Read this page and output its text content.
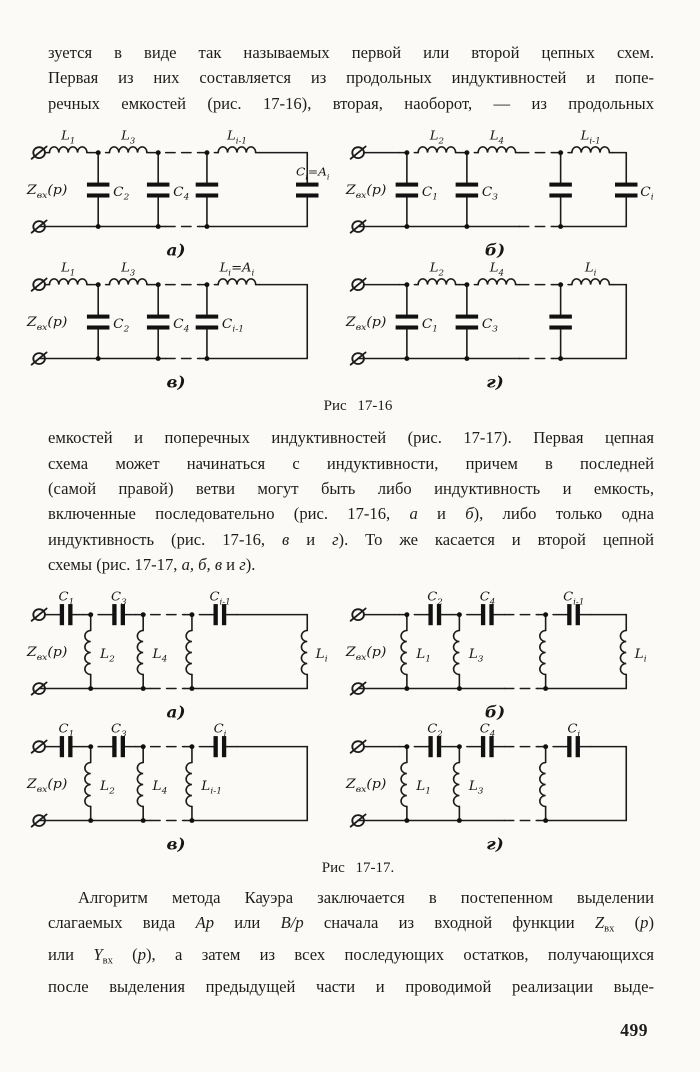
зуется в виде так называемых первой или второй цепных схем.
Первая из них составляется из продольных индуктивностей и попе-
речных емкостей (рис. 17-16), вторая, наоборот, — из продольных
$L_1$
$C_2$
$L_3$
$C_4$
$L_{i-1}$
$C_i=A_i$
$Z_{вх}(p)$
а)
$C_1$
$L_2$
$C_3$
$L_4$	$L_{i-1}$
$C_i$
$Z_{вх}(p)$
б)
$L_1$
$C_2$
$L_3$
$C_4$ $C_{i-1}$
$L_i=A_i$
$Z_{вх}(p)$
в)
$C_1$
$L_2$
$C_3$
$L_4$	$L_i$
$Z_{вх}(p)$
г)
Рис 17-16
емкостей и поперечных индуктивностей (рис. 17-17). Первая цепная
схема может начинаться с индуктивности, причем в последней
(самой правой) ветви могут быть либо индуктивность и емкость,
включенные последовательно (рис. 17-16, а и б), либо только одна
индуктивность (рис. 17-16, в и г). То же касается и второй цепной
схемы (рис. 17-17, а, б, в и г).
$C_1$
$L_2$
$C_3$
$L_4$
$C_{i-1}$
$L_i$
$Z_{вх}(p)$
а)
$L_1$
$C_2$
$L_3$
$C_4$	$C_{i-1}$
$L_i$
$Z_{вх}(p)$
б)
$C_1$
$L_2$
$C_3$
$L_4$ $L_{i-1}$
$C_i$
$Z_{вх}(p)$
в)
$L_1$
$C_2$
$L_3$
$C_4$	$C_i$
$Z_{вх}(p)$
г)
Рис 17-17.
Алгоритм метода Кауэра заключается в постепенном выделении
слагаемых вида Ap или B/p сначала из входной функции $Z_{вх}$ (p)
или $Y_{вх}$ (p), а затем из всех последующих остатков, получающихся
после выделения предыдущей части и проводимой реализации выде-
499
